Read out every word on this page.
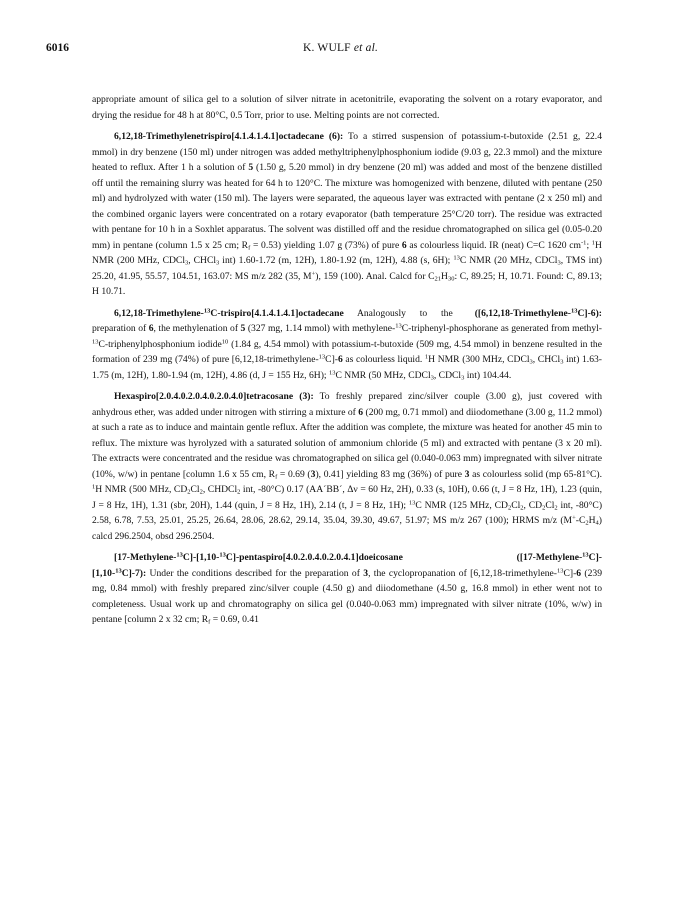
6016	K. WULF et al.

appropriate amount of silica gel to a solution of silver nitrate in acetonitrile, evaporating the solvent on a rotary evaporator, and drying the residue for 48 h at 80°C, 0.5 Torr, prior to use. Melting points are not corrected.

6,12,18-Trimethylenetrispiro[4.1.4.1.4.1]octadecane (6): To a stirred suspension of potassium-t-butoxide (2.51 g, 22.4 mmol) in dry benzene (150 ml) under nitrogen was added methyltriphenylphosphonium iodide (9.03 g, 22.3 mmol) and the mixture heated to reflux. After 1 h a solution of 5 (1.50 g, 5.20 mmol) in dry benzene (20 ml) was added and most of the benzene distilled off until the remaining slurry was heated for 64 h to 120°C. The mixture was homogenized with benzene, diluted with pentane (250 ml) and hydrolyzed with water (150 ml). The layers were separated, the aqueous layer was extracted with pentane (2 x 250 ml) and the combined organic layers were concentrated on a rotary evaporator (bath temperature 25°C/20 torr). The residue was extracted with pentane for 10 h in a Soxhlet apparatus. The solvent was distilled off and the residue chromatographed on silica gel (0.05-0.20 mm) in pentane (column 1.5 x 25 cm; $R_f = 0.53$) yielding 1.07 g (73%) of pure 6 as colourless liquid. IR (neat) C=C 1620 $cm^{-1}$; $^1$H NMR (200 MHz, CDCl$_3$, CHCl$_3$ int) 1.60-1.72 (m, 12H), 1.80-1.92 (m, 12H), 4.88 (s, 6H); $^{13}$C NMR (20 MHz, CDCl$_3$, TMS int) 25.20, 41.95, 55.57, 104.51, 163.07: MS m/z 282 (35, M+), 159 (100). Anal. Calcd for $C_{21}H_{30}$: C, 89.25; H, 10.71. Found: C, 89.13; H 10.71.

6,12,18-Trimethylene-$^{13}$C-trispiro[4.1.4.1.4.1]octadecane	([6,12,18-Trimethylene-$^{13}$C]-6):
Analogously to the preparation of 6, the methylenation of 5 (327 mg, 1.14 mmol) with methylene-$^{13}$C-triphenyl-phosphorane as generated from methyl-$^{13}$C-triphenylphosphonium iodide$^{10}$ (1.84 g, 4.54 mmol) with potassium-t-butoxide (509 mg, 4.54 mmol) in benzene resulted in the formation of 239 mg (74%) of pure [6,12,18-trimethylene-$^{13}$C]-6 as colourless liquid. $^1$H NMR (300 MHz, CDCl$_3$, CHCl$_3$ int) 1.63-1.75 (m, 12H), 1.80-1.94 (m, 12H), 4.86 (d, J = 155 Hz, 6H); $^{13}$C NMR (50 MHz, CDCl$_3$, CDCl$_3$ int) 104.44.

Hexaspiro[2.0.4.0.2.0.4.0.2.0.4.0]tetracosane (3): To freshly prepared zinc/silver couple (3.00 g), just covered with anhydrous ether, was added under nitrogen with stirring a mixture of 6 (200 mg, 0.71 mmol) and diiodomethane (3.00 g, 11.2 mmol) at such a rate as to induce and maintain gentle reflux. After the addition was complete, the mixture was heated for another 45 min to reflux. The mixture was hyrolyzed with a saturated solution of ammonium chloride (5 ml) and extracted with pentane (3 x 20 ml). The extracts were concentrated and the residue was chromatographed on silica gel (0.040-0.063 mm) impregnated with silver nitrate (10%, w/w) in pentane [column 1.6 x 55 cm, $R_f = 0.69$ (3), 0.41] yielding 83 mg (36%) of pure 3 as colourless solid (mp 65-81°C). $^1$H NMR (500 MHz, $CD_2Cl_2$, CHDCl$_2$ int, -80°C) 0.17 (AA´BB´, Δν = 60 Hz, 2H), 0.33 (s, 10H), 0.66 (t, J = 8 Hz, 1H), 1.23 (quin, J = 8 Hz, 1H), 1.31 (sbr, 20H), 1.44 (quin, J = 8 Hz, 1H), 2.14 (t, J = 8 Hz, 1H); $^{13}$C NMR (125 MHz, $CD_2Cl_2$, $CD_2Cl_2$ int, -80°C) 2.58, 6.78, 7.53, 25.01, 25.25, 26.64, 28.06, 28.62, 29.14, 35.04, 39.30, 49.67, 51.97; MS m/z 267 (100); HRMS m/z $(M^+-C_2H_4)$ calcd 296.2504, obsd 296.2504.

[17-Methylene-$^{13}$C]-[1,10-$^{13}$C]-pentaspiro[4.0.2.0.4.0.2.0.4.1]doeicosane	([17-Methylene-$^{13}$C]-

[1,10-$^{13}$C]-7): Under the conditions described for the preparation of 3, the cyclopropanation of [6,12,18-trimethylene-$^{13}$C]-6 (239 mg, 0.84 mmol) with freshly prepared zinc/silver couple (4.50 g) and diiodomethane (4.50 g, 16.8 mmol) in ether went not to completeness. Usual work up and chromatography on silica gel (0.040-0.063 mm) impregnated with silver nitrate (10%, w/w) in pentane [column 2 x 32 cm; $R_f = 0.69$, 0.41
